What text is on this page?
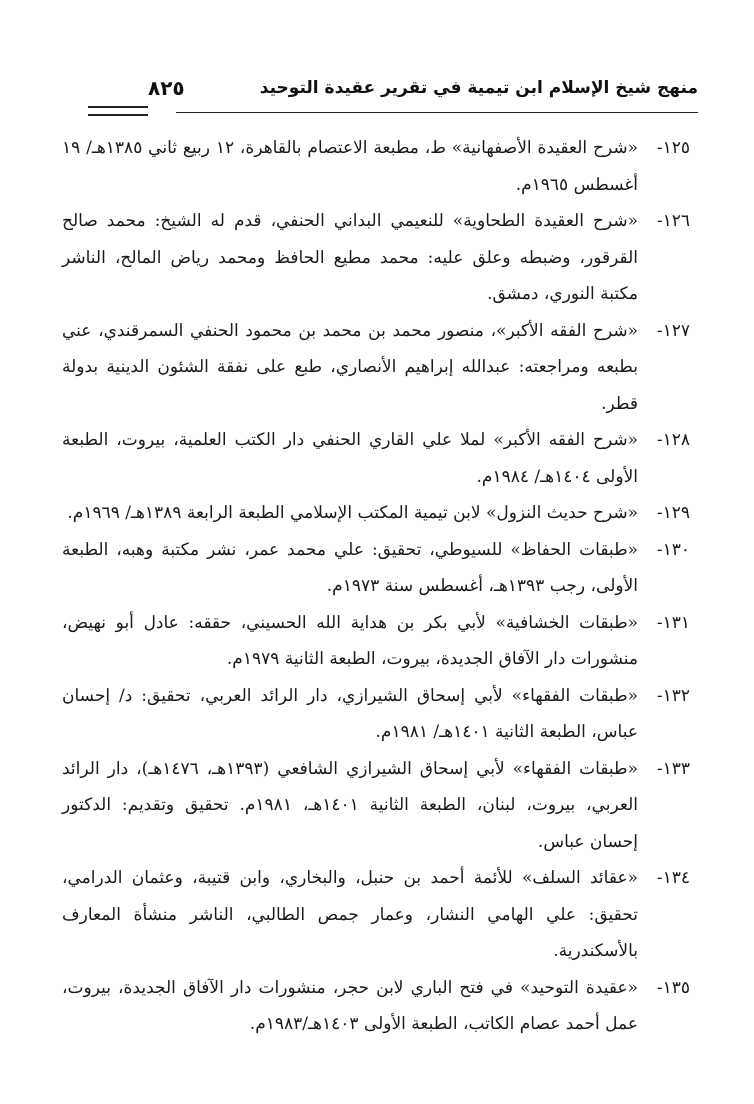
منهج شيخ الإسلام ابن تيمية في تقرير عقيدة التوحيد
٨٢٥
١٢٥-
«شرح العقيدة الأصفهانية» ط، مطبعة الاعتصام بالقاهرة، ١٢ ربيع ثاني ١٣٨٥هـ/ ١٩ أغسطس ١٩٦٥م.
١٢٦-
«شرح العقيدة الطحاوية» للنعيمي البداني الحنفي، قدم له الشيخ: محمد صالح القرقور، وضبطه وعلق عليه: محمد مطيع الحافظ ومحمد رياض المالح، الناشر مكتبة النوري، دمشق.
١٢٧-
«شرح الفقه الأكبر»، منصور محمد بن محمد بن محمود الحنفي السمرقندي، عني بطبعه ومراجعته: عبدالله إبراهيم الأنصاري، طبع على نفقة الشئون الدينية بدولة قطر.
١٢٨-
«شرح الفقه الأكبر» لملا علي القاري الحنفي دار الكتب العلمية، بيروت، الطبعة الأولى ١٤٠٤هـ/ ١٩٨٤م.
١٢٩-
«شرح حديث النزول» لابن تيمية المكتب الإسلامي الطبعة الرابعة ١٣٨٩هـ/ ١٩٦٩م.
١٣٠-
«طبقات الحفاظ» للسيوطي، تحقيق: علي محمد عمر، نشر مكتبة وهبه، الطبعة الأولى، رجب ١٣٩٣هـ، أغسطس سنة ١٩٧٣م.
١٣١-
«طبقات الخشافية» لأبي بكر بن هداية الله الحسيني، حققه: عادل أبو نهيض، منشورات دار الآفاق الجديدة، بيروت، الطبعة الثانية ١٩٧٩م.
١٣٢-
«طبقات الفقهاء» لأبي إسحاق الشيرازي، دار الرائد العربي، تحقيق: د/ إحسان عباس، الطبعة الثانية ١٤٠١هـ/ ١٩٨١م.
١٣٣-
«طبقات الفقهاء» لأبي إسحاق الشيرازي الشافعي (١٣٩٣هـ، ١٤٧٦هـ)، دار الرائد العربي، بيروت، لبنان، الطبعة الثانية ١٤٠١هـ، ١٩٨١م. تحقيق وتقديم: الدكتور إحسان عباس.
١٣٤-
«عقائد السلف» للأئمة أحمد بن حنبل، والبخاري، وابن قتيبة، وعثمان الدرامي، تحقيق: علي الهامي النشار، وعمار جمص الطالبي، الناشر منشأة المعارف بالأسكندرية.
١٣٥-
«عقيدة التوحيد» في فتح الباري لابن حجر، منشورات دار الآفاق الجديدة، بيروت، عمل أحمد عصام الكاتب، الطبعة الأولى ١٤٠٣هـ/١٩٨٣م.
